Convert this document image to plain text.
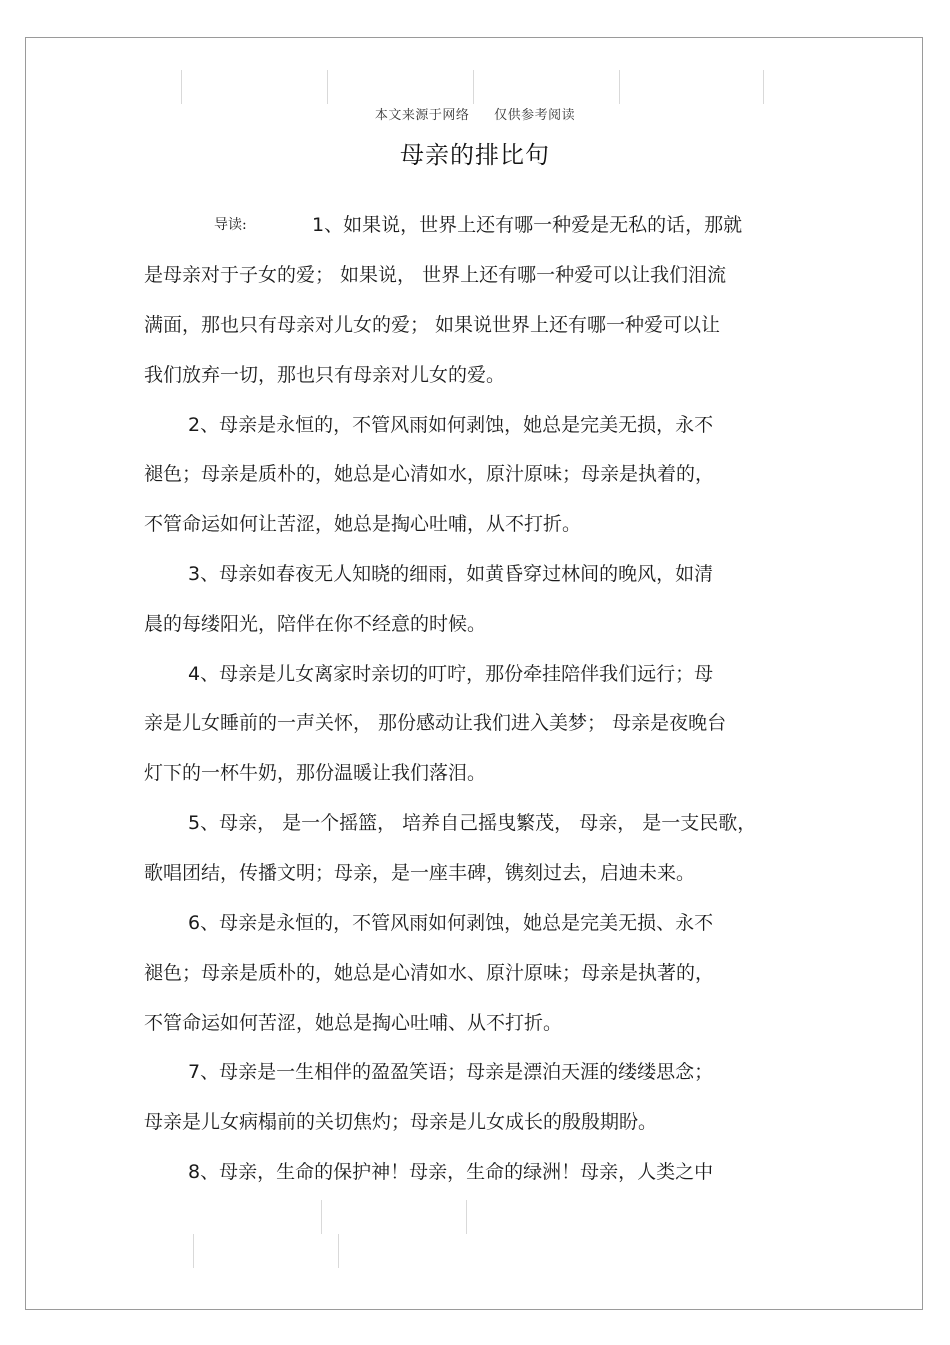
本文来源于网络 仅供参考阅读
母亲的排比句
导读:	1、如果说，世界上还有哪一种爱是无私的话，那就
是母亲对于子女的爱； 如果说， 世界上还有哪一种爱可以让我们泪流
满面，那也只有母亲对儿女的爱； 如果说世界上还有哪一种爱可以让
我们放弃一切，那也只有母亲对儿女的爱。
2、母亲是永恒的，不管风雨如何剥蚀，她总是完美无损，永不
褪色；母亲是质朴的，她总是心清如水，原汁原味；母亲是执着的，
不管命运如何让苦涩，她总是掏心吐哺，从不打折。
3、母亲如春夜无人知晓的细雨，如黄昏穿过林间的晚风，如清
晨的每缕阳光，陪伴在你不经意的时候。
4、母亲是儿女离家时亲切的叮咛，那份牵挂陪伴我们远行；母
亲是儿女睡前的一声关怀， 那份感动让我们进入美梦； 母亲是夜晚台
灯下的一杯牛奶，那份温暖让我们落泪。
5、母亲， 是一个摇篮， 培养自己摇曳繁茂， 母亲， 是一支民歌，
歌唱团结，传播文明；母亲，是一座丰碑，镌刻过去，启迪未来。
6、母亲是永恒的，不管风雨如何剥蚀，她总是完美无损、永不
褪色；母亲是质朴的，她总是心清如水、原汁原味；母亲是执著的，
不管命运如何苦涩，她总是掏心吐哺、从不打折。
7、母亲是一生相伴的盈盈笑语；母亲是漂泊天涯的缕缕思念；
母亲是儿女病榻前的关切焦灼；母亲是儿女成长的殷殷期盼。
8、母亲，生命的保护神！母亲，生命的绿洲！母亲，人类之中
